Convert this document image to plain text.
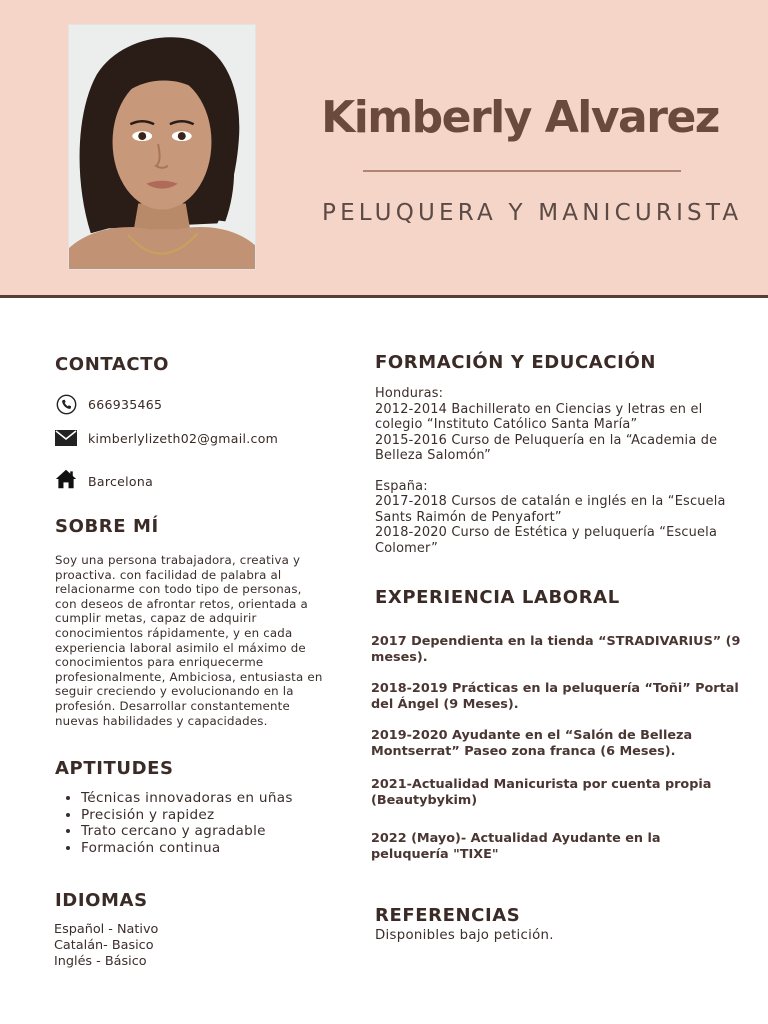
Kimberly Alvarez
PELUQUERA Y MANICURISTA
CONTACTO
666935465
kimberlylizeth02@gmail.com
Barcelona
SOBRE MÍ

Soy una persona trabajadora, creativa y proactiva. con facilidad de palabra al relacionarme con todo tipo de personas, con deseos de afrontar retos, orientada a cumplir metas, capaz de adquirir conocimientos rápidamente, y en cada experiencia laboral asimilo el máximo de conocimientos para enriquecerme profesionalmente, Ambiciosa, entusiasta en seguir creciendo y evolucionando en la profesión. Desarrollar constantemente nuevas habilidades y capacidades.

APTITUDES
• Técnicas innovadoras en uñas
• Precisión y rapidez
• Trato cercano y agradable
• Formación continua
IDIOMAS
Español - Nativo
Catalán- Basico
Inglés - Básico
FORMACIÓN Y EDUCACIÓN

Honduras:

2012-2014 Bachillerato en Ciencias y letras en el colegio “Instituto Católico Santa María”

2015-2016 Curso de Peluquería en la “Academia de Belleza Salomón”

España:

2017-2018 Cursos de catalán e inglés en la “Escuela Sants Raimón de Penyafort”

2018-2020 Curso de Estética y peluquería “Escuela Colomer”

EXPERIENCIA LABORAL

2017 Dependienta en la tienda “STRADIVARIUS” (9 meses).

2018-2019 Prácticas en la peluquería “Toñi” Portal del Ángel (9 Meses).

2019-2020 Ayudante en el “Salón de Belleza Montserrat” Paseo zona franca (6 Meses).

2021-Actualidad Manicurista por cuenta propia (Beautybykim)

2022 (Mayo)- Actualidad Ayudante en la peluquería "TIXE"

REFERENCIAS
Disponibles bajo petición.
